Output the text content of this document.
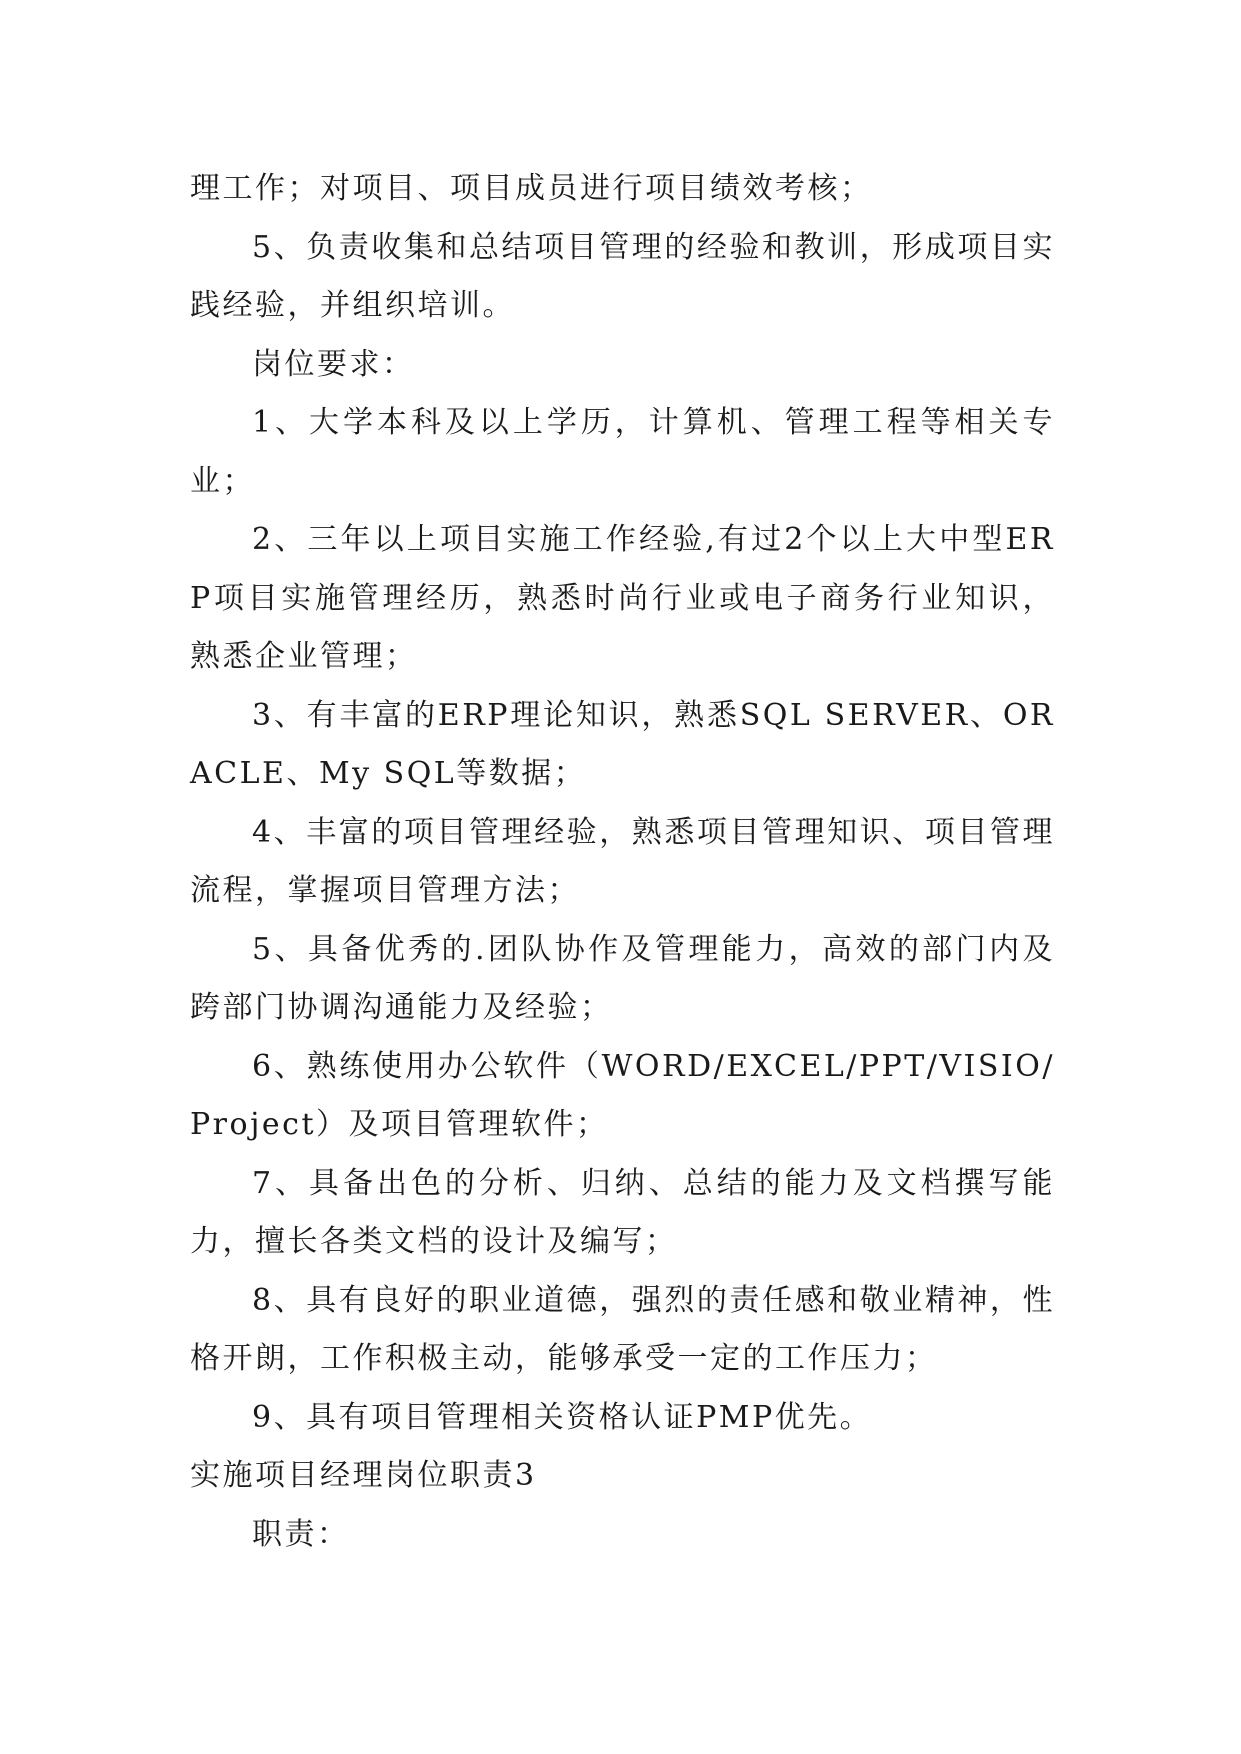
理工作；对项目、项目成员进行项目绩效考核；

5、负责收集和总结项目管理的经验和教训，形成项目实践经验，并组织培训。

岗位要求：

1、大学本科及以上学历，计算机、管理工程等相关专业；

2、三年以上项目实施工作经验,有过2个以上大中型ERP项目实施管理经历，熟悉时尚行业或电子商务行业知识，熟悉企业管理；

3、有丰富的ERP理论知识，熟悉SQL SERVER、ORACLE、My SQL等数据；

4、丰富的项目管理经验，熟悉项目管理知识、项目管理流程，掌握项目管理方法；

5、具备优秀的.团队协作及管理能力，高效的部门内及跨部门协调沟通能力及经验；

6、熟练使用办公软件（WORD/EXCEL/PPT/VISIO/Project）及项目管理软件；

7、具备出色的分析、归纳、总结的能力及文档撰写能力，擅长各类文档的设计及编写；

8、具有良好的职业道德，强烈的责任感和敬业精神，性格开朗，工作积极主动，能够承受一定的工作压力；

9、具有项目管理相关资格认证PMP优先。

实施项目经理岗位职责3

职责：
